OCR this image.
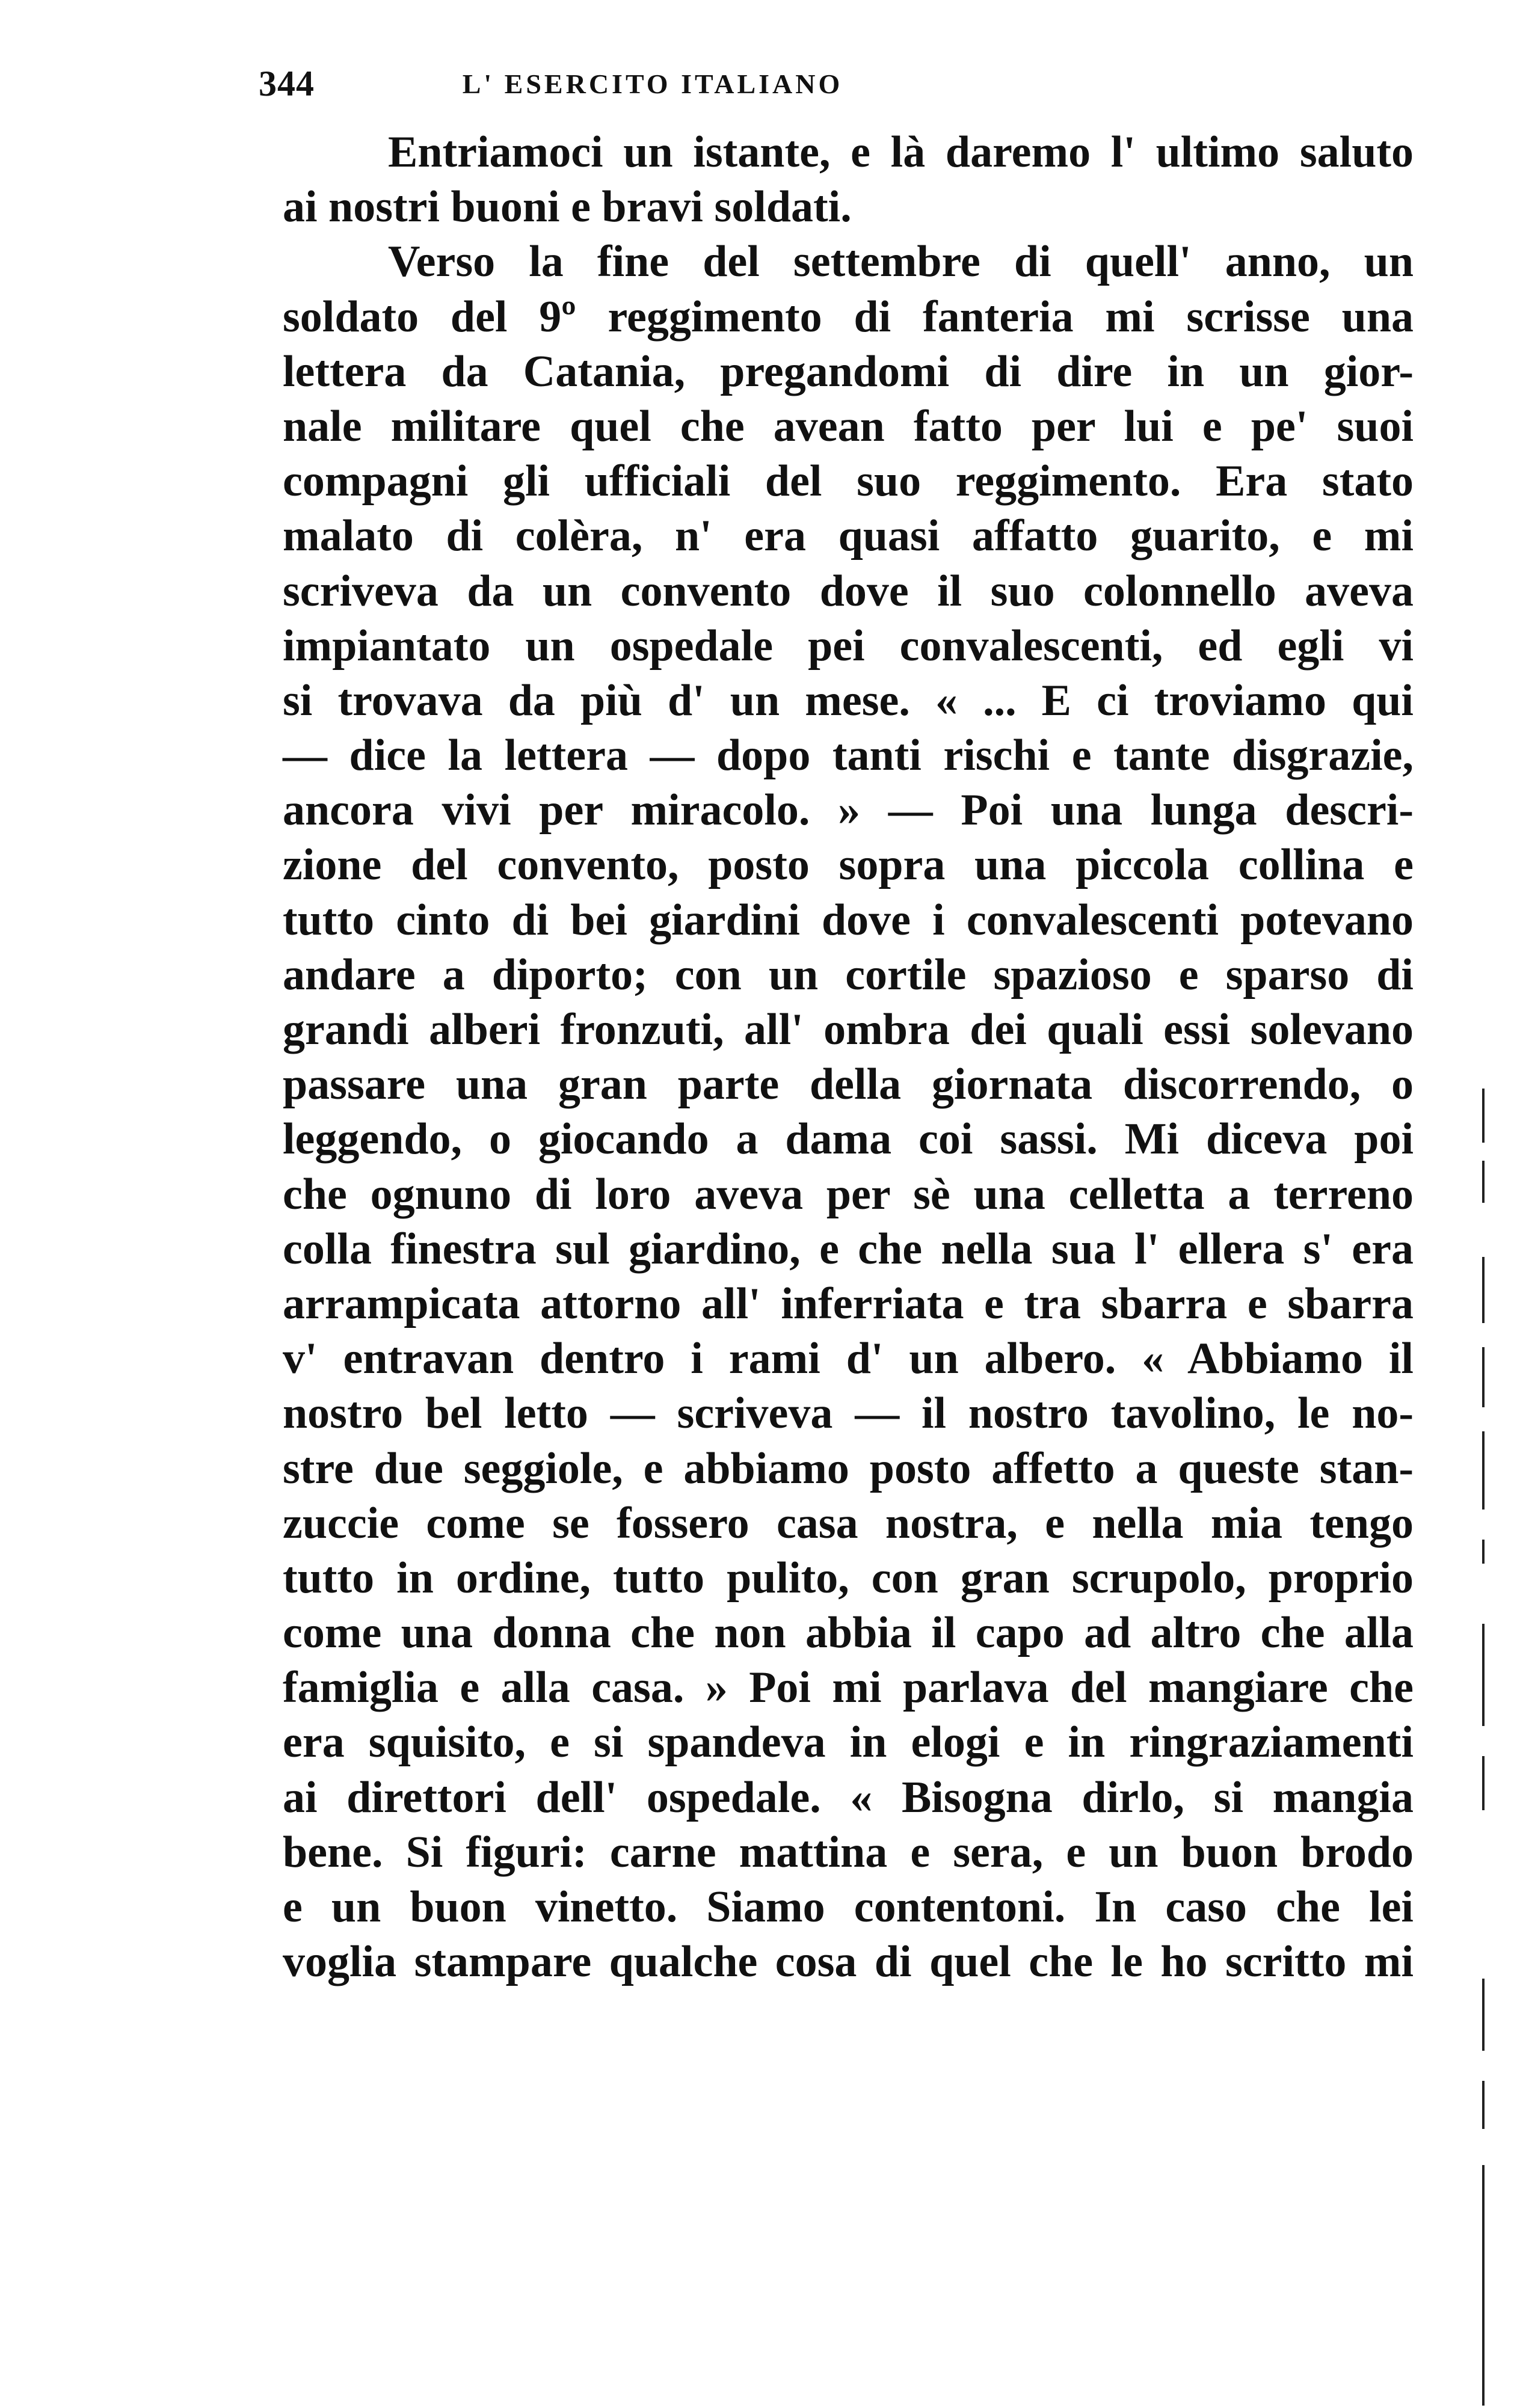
344	L' ESERCITO ITALIANO
Entriamoci un istante, e là daremo l' ultimo saluto
ai nostri buoni e bravi soldati.
Verso la fine del settembre di quell' anno, un
soldato del 9º reggimento di fanteria mi scrisse una
lettera da Catania, pregandomi di dire in un gior-
nale militare quel che avean fatto per lui e pe' suoi
compagni gli ufficiali del suo reggimento. Era stato
malato di colèra, n' era quasi affatto guarito, e mi
scriveva da un convento dove il suo colonnello aveva
impiantato un ospedale pei convalescenti, ed egli vi
si trovava da più d' un mese. « ... E ci troviamo qui
— dice la lettera — dopo tanti rischi e tante disgrazie,
ancora vivi per miracolo. » — Poi una lunga descri-
zione del convento, posto sopra una piccola collina e
tutto cinto di bei giardini dove i convalescenti potevano
andare a diporto; con un cortile spazioso e sparso di
grandi alberi fronzuti, all' ombra dei quali essi solevano
passare una gran parte della giornata discorrendo, o
leggendo, o giocando a dama coi sassi. Mi diceva poi
che ognuno di loro aveva per sè una celletta a terreno
colla finestra sul giardino, e che nella sua l' ellera s' era
arrampicata attorno all' inferriata e tra sbarra e sbarra
v' entravan dentro i rami d' un albero. « Abbiamo il
nostro bel letto — scriveva — il nostro tavolino, le no-
stre due seggiole, e abbiamo posto affetto a queste stan-
zuccie come se fossero casa nostra, e nella mia tengo
tutto in ordine, tutto pulito, con gran scrupolo, proprio
come una donna che non abbia il capo ad altro che alla
famiglia e alla casa. » Poi mi parlava del mangiare che
era squisito, e si spandeva in elogi e in ringraziamenti
ai direttori dell' ospedale. « Bisogna dirlo, si mangia
bene. Si figuri: carne mattina e sera, e un buon brodo
e un buon vinetto. Siamo contentoni. In caso che lei
voglia stampare qualche cosa di quel che le ho scritto mi
